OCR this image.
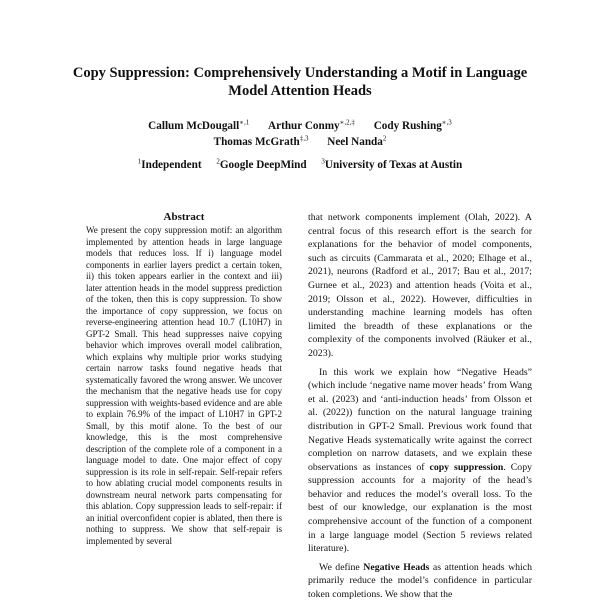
Copy Suppression: Comprehensively Understanding a Motif in Language Model Attention Heads
Callum McDougall$^{∗,1}$ Arthur Conmy$^{∗,2,\ddagger}$ Cody Rushing$^{∗,3}$
Thomas McGrath$^{\ddagger,3}$ Neel Nanda$^2$
$^1$Independent $^2$Google DeepMind $^3$University of Texas at Austin
Abstract
We present the copy suppression motif: an algorithm implemented by attention heads in large language models that reduces loss. If i) language model components in earlier layers predict a certain token, ii) this token appears earlier in the context and iii) later attention heads in the model suppress prediction of the token, then this is copy suppression. To show the importance of copy suppression, we focus on reverse-engineering attention head 10.7 (L10H7) in GPT-2 Small. This head suppresses naive copying behavior which improves overall model calibration, which explains why multiple prior works studying certain narrow tasks found negative heads that systematically favored the wrong answer. We uncover the mechanism that the negative heads use for copy suppression with weights-based evidence and are able to explain 76.9% of the impact of L10H7 in GPT-2 Small, by this motif alone. To the best of our knowledge, this is the most comprehensive description of the complete role of a component in a language model to date. One major effect of copy suppression is its role in self-repair. Self-repair refers to how ablating crucial model components results in downstream neural network parts compensating for this ablation. Copy suppression leads to self-repair: if an initial overconfident copier is ablated, then there is nothing to suppress. We show that self-repair is implemented by several

that network components implement (Olah, 2022). A central focus of this research effort is the search for explanations for the behavior of model components, such as circuits (Cammarata et al., 2020; Elhage et al., 2021), neurons (Radford et al., 2017; Bau et al., 2017; Gurnee et al., 2023) and attention heads (Voita et al., 2019; Olsson et al., 2022). However, difficulties in understanding machine learning models has often limited the breadth of these explanations or the complexity of the components involved (Räuker et al., 2023).

In this work we explain how “Negative Heads” (which include ‘negative name mover heads’ from Wang et al. (2023) and ‘anti-induction heads’ from Olsson et al. (2022)) function on the natural language training distribution in GPT-2 Small. Previous work found that Negative Heads systematically write against the correct completion on narrow datasets, and we explain these observations as instances of copy suppression. Copy suppression accounts for a majority of the head’s behavior and reduces the model’s overall loss. To the best of our knowledge, our explanation is the most comprehensive account of the function of a component in a large language model (Section 5 reviews related literature).

We define Negative Heads as attention heads which primarily reduce the model’s confidence in particular token completions. We show that the
